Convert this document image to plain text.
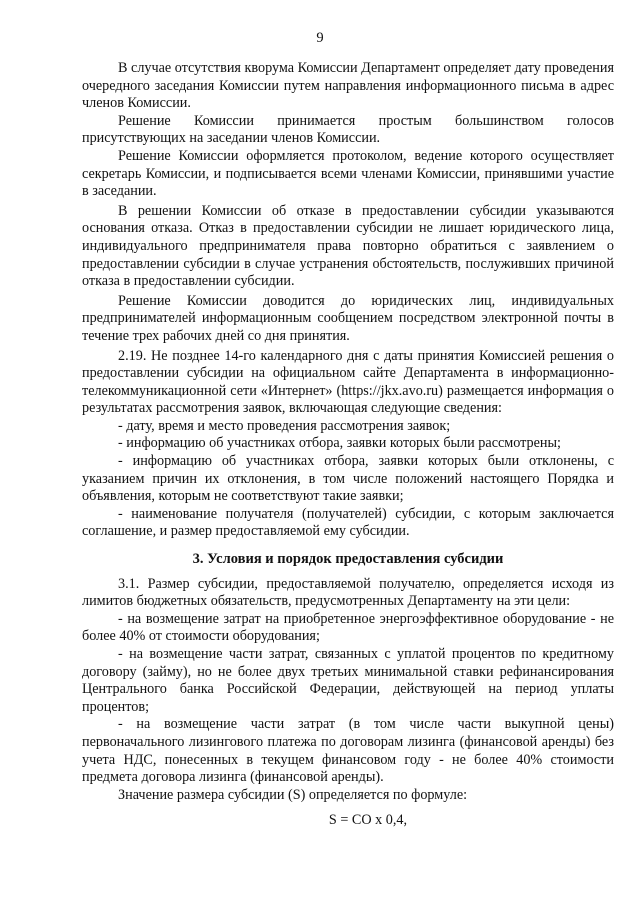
9

В случае отсутствия кворума Комиссии Департамент определяет дату проведения очередного заседания Комиссии путем направления информационного письма в адрес членов Комиссии.

Решение Комиссии принимается простым большинством голосов присутствующих на заседании членов Комиссии.

Решение Комиссии оформляется протоколом, ведение которого осуществляет секретарь Комиссии, и подписывается всеми членами Комиссии, принявшими участие в заседании.

В решении Комиссии об отказе в предоставлении субсидии указываются основания отказа. Отказ в предоставлении субсидии не лишает юридического лица, индивидуального предпринимателя права повторно обратиться с заявлением о предоставлении субсидии в случае устранения обстоятельств, послуживших причиной отказа в предоставлении субсидии.

Решение Комиссии доводится до юридических лиц, индивидуальных предпринимателей информационным сообщением посредством электронной почты в течение трех рабочих дней со дня принятия.

2.19. Не позднее 14-го календарного дня с даты принятия Комиссией решения о предоставлении субсидии на официальном сайте Департамента в информационно-телекоммуникационной сети «Интернет» (https://jkx.avo.ru) размещается информация о результатах рассмотрения заявок, включающая следующие сведения:

- дату, время и место проведения рассмотрения заявок;

- информацию об участниках отбора, заявки которых были рассмотрены;

- информацию об участниках отбора, заявки которых были отклонены, с указанием причин их отклонения, в том числе положений настоящего Порядка и объявления, которым не соответствуют такие заявки;

- наименование получателя (получателей) субсидии, с которым заключается соглашение, и размер предоставляемой ему субсидии.

3. Условия и порядок предоставления субсидии

3.1. Размер субсидии, предоставляемой получателю, определяется исходя из лимитов бюджетных обязательств, предусмотренных Департаменту на эти цели:

- на возмещение затрат на приобретенное энергоэффективное оборудование - не более 40% от стоимости оборудования;

- на возмещение части затрат, связанных с уплатой процентов по кредитному договору (займу), но не более двух третьих минимальной ставки рефинансирования Центрального банка Российской Федерации, действующей на период уплаты процентов;

- на возмещение части затрат (в том числе части выкупной цены) первоначального лизингового платежа по договорам лизинга (финансовой аренды) без учета НДС, понесенных в текущем финансовом году - не более 40% стоимости предмета договора лизинга (финансовой аренды).

Значение размера субсидии (S) определяется по формуле:

S = CO x 0,4,
